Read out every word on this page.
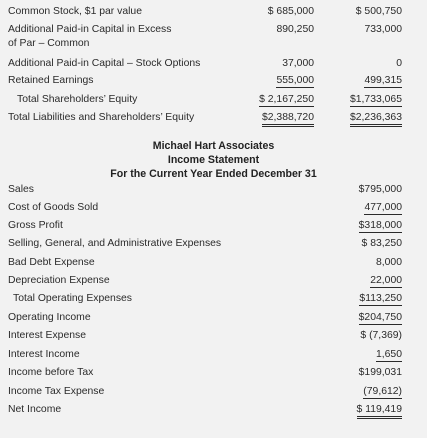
Common Stock, $1 par value	$ 685,000	$ 500,750
Additional Paid-in Capital in Excess	890,250	733,000
of Par – Common
Additional Paid-in Capital – Stock Options	37,000	0
Retained Earnings	555,000	499,315
Total Shareholders’ Equity	$ 2,167,250	$1,733,065
Total Liabilities and Shareholders’ Equity	$2,388,720	$2,236,363
Michael Hart Associates
Income Statement
For the Current Year Ended December 31
Sales	$795,000
Cost of Goods Sold	477,000
Gross Profit	$318,000
Selling, General, and Administrative Expenses	$ 83,250
Bad Debt Expense	8,000
Depreciation Expense	22,000
Total Operating Expenses	$113,250
Operating Income	$204,750
Interest Expense	$ (7,369)
Interest Income	1,650
Income before Tax	$199,031
Income Tax Expense	(79,612)
Net Income	$ 119,419
